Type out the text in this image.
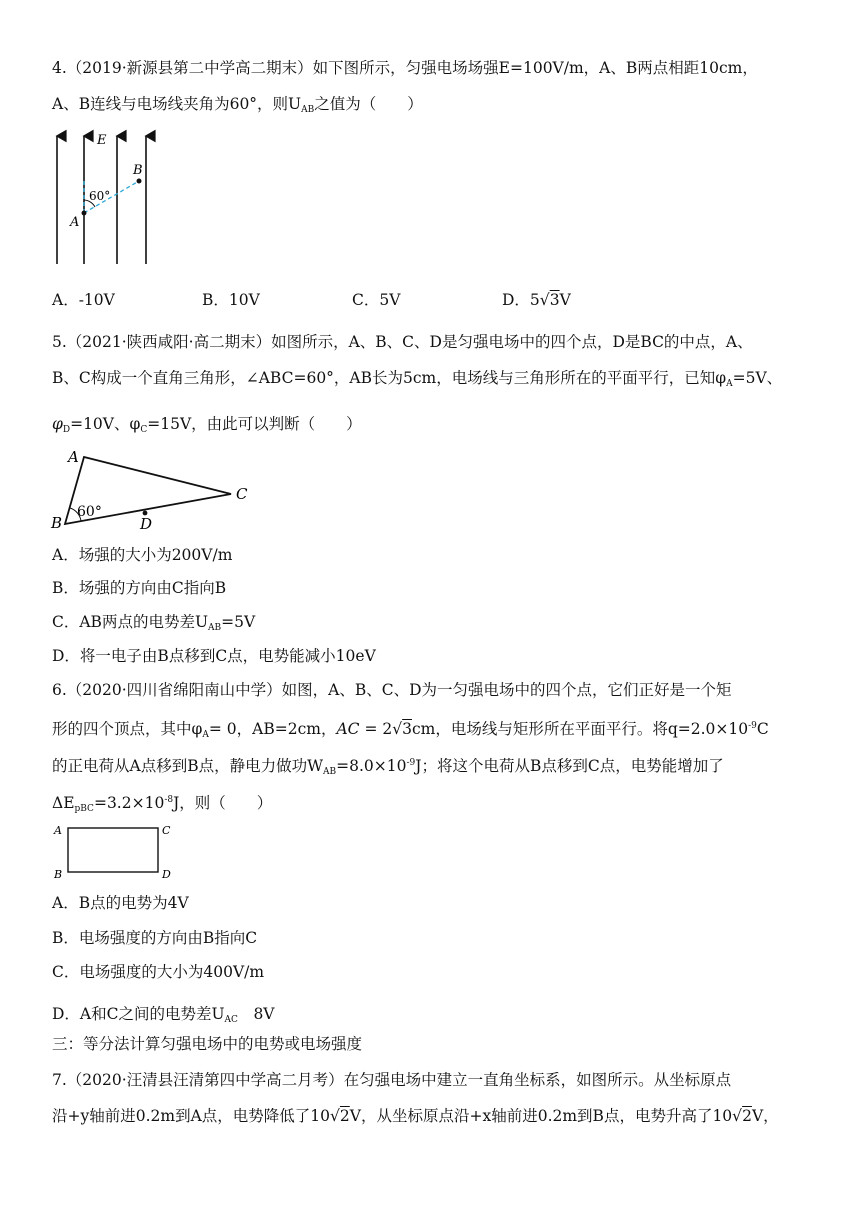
4.（2019·新源县第二中学高二期末）如下图所示，匀强电场场强E=100V/m，A、B两点相距10cm，
A、B连线与电场线夹角为60°，则$U_{AB}$之值为（　　）
E
B
A
60°
A．-10V	B．10V	C．5V	D．5√3V
5.（2021·陕西咸阳·高二期末）如图所示，A、B、C、D是匀强电场中的四个点，D是BC的中点，A、
B、C构成一个直角三角形，∠ABC=60°，AB长为5cm，电场线与三角形所在的平面平行，已知$\varphi_A=5V$、
$\varphi_D=10V$、$\varphi_C=15V$，由此可以判断（　　）
A
B
C
D
60°
A．场强的大小为200V/m
B．场强的方向由C指向B
C．AB两点的电势差$U_{AB}=5V$
D．将一电子由B点移到C点，电势能减小10eV
6.（2020·四川省绵阳南山中学）如图，A、B、C、D为一匀强电场中的四个点，它们正好是一个矩
形的四个顶点，其中$\varphi_A= 0$，AB=2cm，AC = 2√3cm，电场线与矩形所在平面平行。将$q=2.0\times 10^{-9}C$
的正电荷从A点移到B点，静电力做功$W_{AB}=8.0\times 10^{-9}J$；将这个电荷从B点移到C点，电势能增加了
$\Delta E_{pBC}=3.2\times 10^{-8}J$，则（　　）
A
B
C
D
A．B点的电势为4V
B．电场强度的方向由B指向C
C．电场强度的大小为400V/m
D．A和C之间的电势差$U_{AC}$　8V
三：等分法计算匀强电场中的电势或电场强度
7.（2020·汪清县汪清第四中学高二月考）在匀强电场中建立一直角坐标系，如图所示。从坐标原点
沿+y轴前进0.2m到A点，电势降低了10√2V，从坐标原点沿+x轴前进0.2m到B点，电势升高了10√2V，
